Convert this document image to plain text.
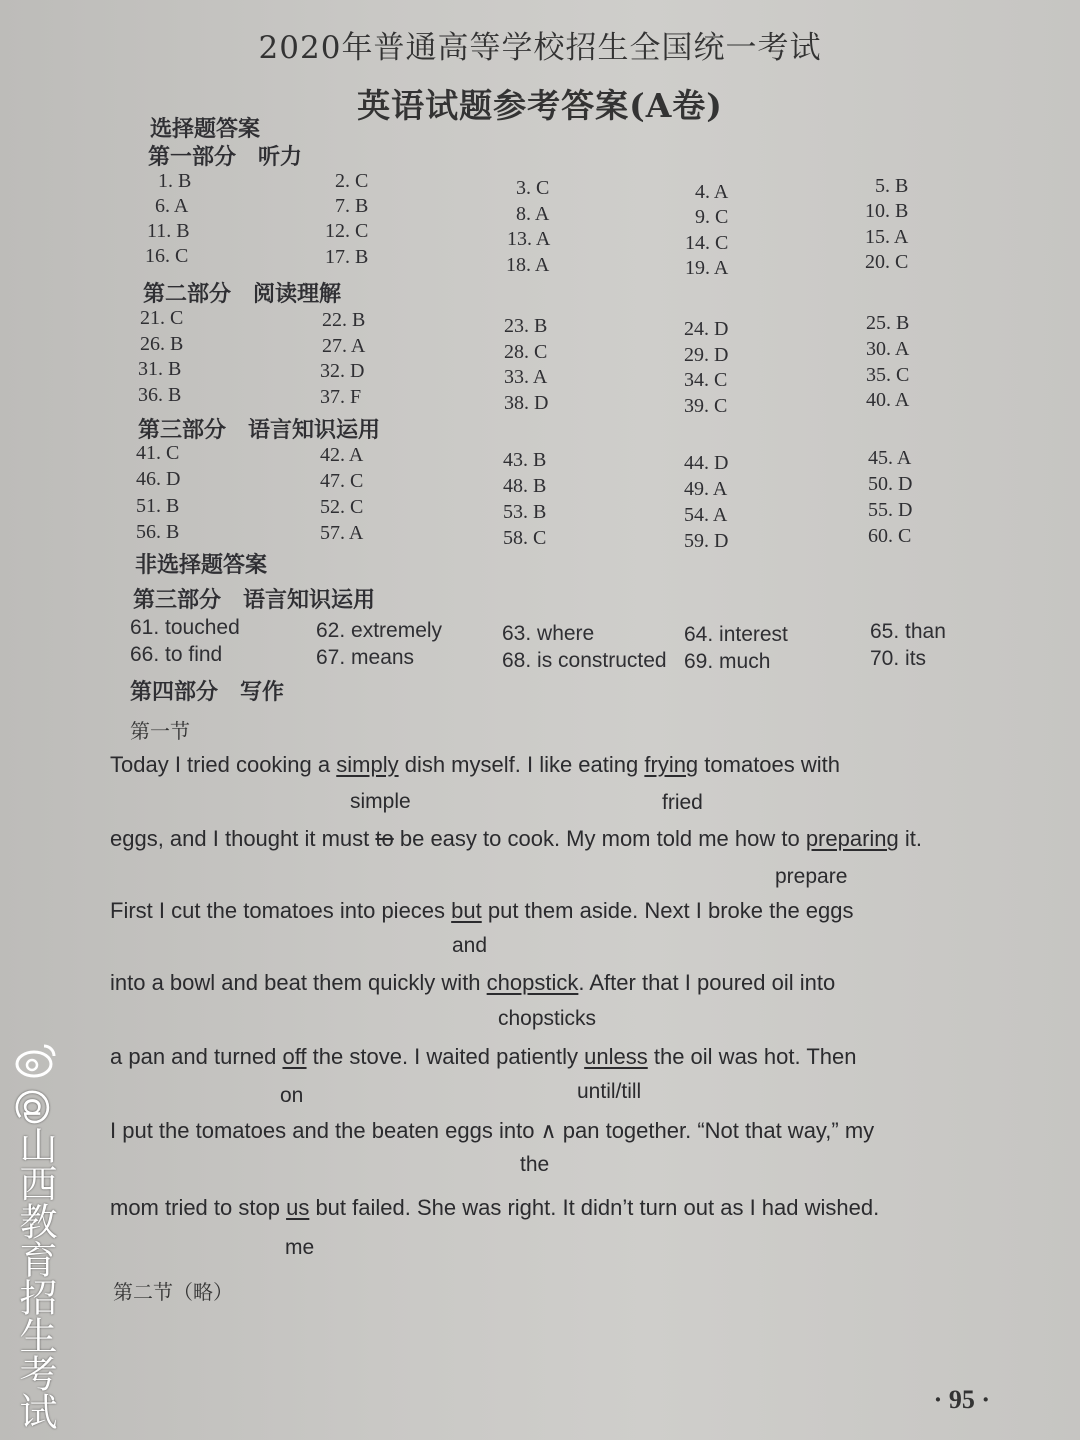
2020年普通高等学校招生全国统一考试
英语试题参考答案(A卷)
选择题答案
第一部分　听力
1. B	2. C	3. C	4. A	5. B
6. A	7. B	8. A	9. C	10. B
11. B	12. C	13. A	14. C	15. A
16. C	17. B	18. A	19. A	20. C
第二部分　阅读理解
21. C	22. B	23. B	24. D	25. B
26. B	27. A	28. C	29. D	30. A
31. B	32. D	33. A	34. C	35. C
36. B	37. F	38. D	39. C	40. A
第三部分　语言知识运用
41. C	42. A	43. B	44. D	45. A
46. D	47. C	48. B	49. A	50. D
51. B	52. C	53. B	54. A	55. D
56. B	57. A	58. C	59. D	60. C
非选择题答案
第三部分　语言知识运用
61. touched	62. extremely	63. where	64. interest	65. than
66. to find	67. means	68. is constructed 69. much	70. its
第四部分　写作
第一节
Today I tried cooking a simply dish myself. I like eating frying tomatoes with
simple	fried
eggs, and I thought it must to be easy to cook. My mom told me how to preparing it.
prepare
First I cut the tomatoes into pieces but put them aside. Next I broke the eggs
and
into a bowl and beat them quickly with chopstick. After that I poured oil into
chopsticks
a pan and turned off the stove. I waited patiently unless the oil was hot. Then
on	until/till
I put the tomatoes and the beaten eggs into ∧ pan together. “Not that way,” my
the
mom tried to stop us but failed. She was right. It didn’t turn out as I had wished.
me
第二节（略）
· 95 ·
@山西教育招生考试
